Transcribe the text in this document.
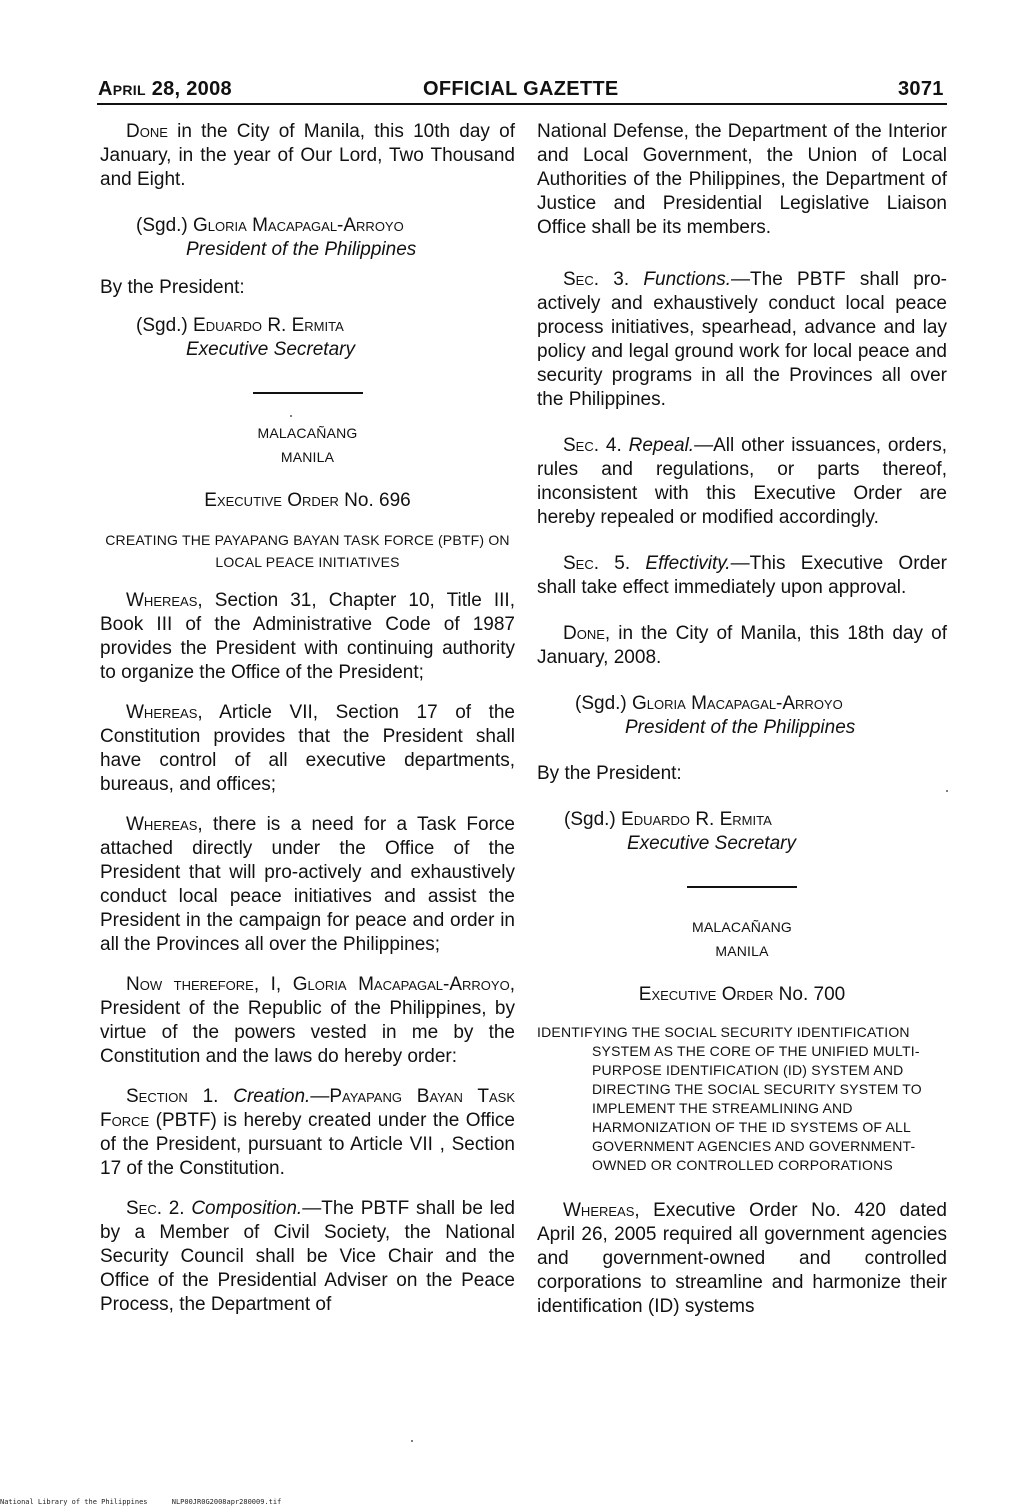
April 28, 2008	OFFICIAL GAZETTE	3071

Done in the City of Manila, this 10th day of January, in the year of Our Lord, Two Thousand and Eight.

(Sgd.) Gloria Macapagal-Arroyo
President of the Philippines

By the President:

(Sgd.) Eduardo R. Ermita
Executive Secretary
MALACAÑANG
MANILA
Executive Order No. 696

CREATING THE PAYAPANG BAYAN TASK FORCE (PBTF) ON LOCAL PEACE INITIATIVES

Whereas, Section 31, Chapter 10, Title III, Book III of the Administrative Code of 1987 provides the President with continuing authority to organize the Office of the President;

Whereas, Article VII, Section 17 of the Constitution provides that the President shall have control of all executive departments, bureaus, and offices;

Whereas, there is a need for a Task Force attached directly under the Office of the President that will pro-actively and exhaustively conduct local peace initiatives and assist the President in the campaign for peace and order in all the Provinces all over the Philippines;

Now therefore, I, Gloria Macapagal-Arroyo, President of the Republic of the Philippines, by virtue of the powers vested in me by the Constitution and the laws do hereby order:

Section 1. Creation.—Payapang Bayan Task Force (PBTF) is hereby created under the Office of the President, pursuant to Article VII , Section 17 of the Constitution.

Sec. 2. Composition.—The PBTF shall be led by a Member of Civil Society, the National Security Council shall be Vice Chair and the Office of the Presidential Adviser on the Peace Process, the Department of

National Defense, the Department of the Interior and Local Government, the Union of Local Authorities of the Philippines, the Department of Justice and Presidential Legislative Liaison Office shall be its members.

Sec. 3. Functions.—The PBTF shall pro-actively and exhaustively conduct local peace process initiatives, spearhead, advance and lay policy and legal ground work for local peace and security programs in all the Provinces all over the Philippines.

Sec. 4. Repeal.—All other issuances, orders, rules and regulations, or parts thereof, inconsistent with this Executive Order are hereby repealed or modified accordingly.

Sec. 5. Effectivity.—This Executive Order shall take effect immediately upon approval.

Done, in the City of Manila, this 18th day of January, 2008.

(Sgd.) Gloria Macapagal-Arroyo
President of the Philippines

By the President:

(Sgd.) Eduardo R. Ermita
Executive Secretary
MALACAÑANG
MANILA
Executive Order No. 700

IDENTIFYING THE SOCIAL SECURITY IDENTIFICATION SYSTEM AS THE CORE OF THE UNIFIED MULTI-PURPOSE IDENTIFICATION (ID) SYSTEM AND DIRECTING THE SOCIAL SECURITY SYSTEM TO IMPLEMENT THE STREAMLINING AND HARMONIZATION OF THE ID SYSTEMS OF ALL GOVERNMENT AGENCIES AND GOVERNMENT-OWNED OR CONTROLLED CORPORATIONS

Whereas, Executive Order No. 420 dated April 26, 2005 required all government agencies and government-owned and controlled corporations to streamline and harmonize their identification (ID) systems

National Library of the Philippines	NLP00JR0G2008apr280009.tif
